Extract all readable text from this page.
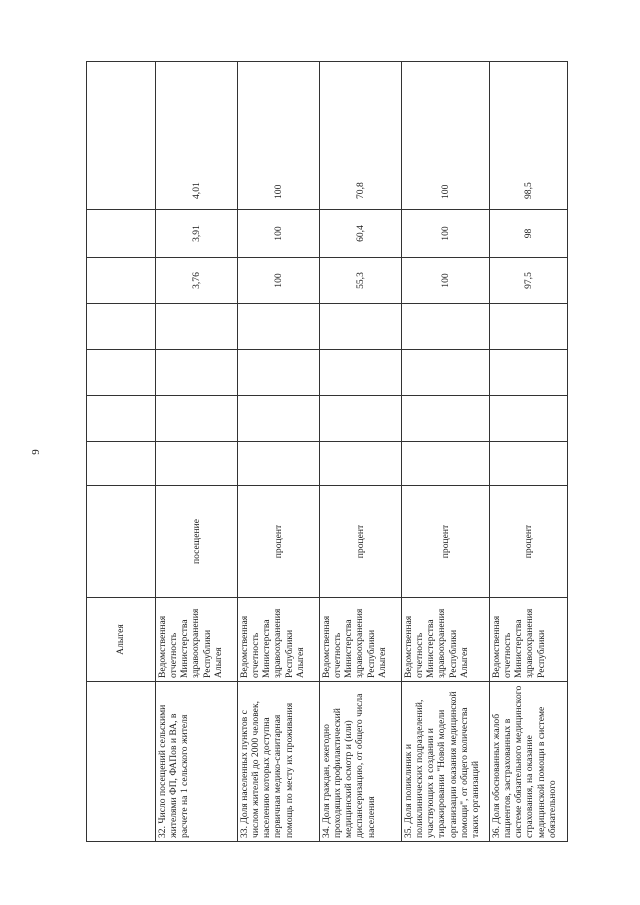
9
	Алыгея								
32. Число посещений сельскими жителями ФП, ФАПов и ВА, в расчете на 1 сельского жителя	Ведомственная отчетность Министерства здравоохранения Республики Алыгея	посещение					3,76	3,91	4,01
33. Доля населенных пунктов с числом жителей до 2000 человек, населению которых доступна первичная медико-санитарная помощь по месту их проживания	Ведомственная отчетность Министерства здравоохранения Республики Алыгея	процент					100	100	100
34. Доля граждан, ежегодно проходящих профилактический медицинский осмотр и (или) диспансеризацию, от общего числа населения	Ведомственная отчетность Министерства здравоохранения Республики Алыгея	процент					55,3	60,4	70,8
35. Доля поликлиник и поликлинических подразделений, участвующих в создании и тиражировании "Новой модели организации оказания медицинской помощи", от общего количества таких организаций	Ведомственная отчетность Министерства здравоохранения Республики Алыгея	процент					100	100	100
36. Доля обоснованных жалоб пациентов, застрахованных в системе обязательного медицинского страхования, на оказание медицинской помощи в системе обязательного	Ведомственная отчетность Министерства здравоохранения Республики	процент					97,5	98	98,5
